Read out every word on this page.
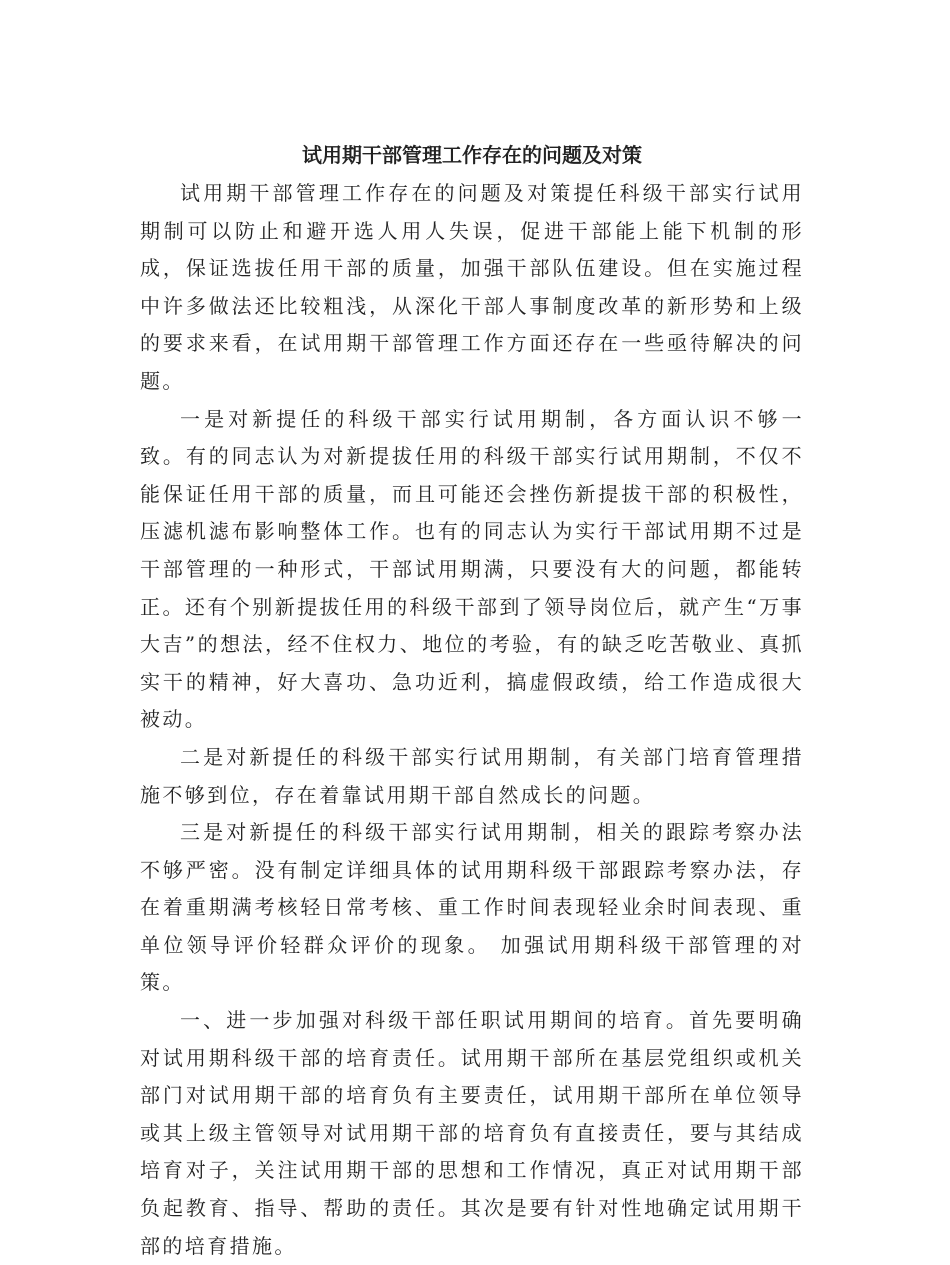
试用期干部管理工作存在的问题及对策

试用期干部管理工作存在的问题及对策提任科级干部实行试用期制可以防止和避开选人用人失误，促进干部能上能下机制的形成，保证选拔任用干部的质量，加强干部队伍建设。但在实施过程中许多做法还比较粗浅，从深化干部人事制度改革的新形势和上级的要求来看，在试用期干部管理工作方面还存在一些亟待解决的问题。

一是对新提任的科级干部实行试用期制，各方面认识不够一致。有的同志认为对新提拔任用的科级干部实行试用期制，不仅不能保证任用干部的质量，而且可能还会挫伤新提拔干部的积极性，压滤机滤布影响整体工作。也有的同志认为实行干部试用期不过是干部管理的一种形式，干部试用期满，只要没有大的问题，都能转正。还有个别新提拔任用的科级干部到了领导岗位后，就产生“万事大吉”的想法，经不住权力、地位的考验，有的缺乏吃苦敬业、真抓实干的精神，好大喜功、急功近利，搞虚假政绩，给工作造成很大被动。

二是对新提任的科级干部实行试用期制，有关部门培育管理措施不够到位，存在着靠试用期干部自然成长的问题。

三是对新提任的科级干部实行试用期制，相关的跟踪考察办法不够严密。没有制定详细具体的试用期科级干部跟踪考察办法，存在着重期满考核轻日常考核、重工作时间表现轻业余时间表现、重单位领导评价轻群众评价的现象。 加强试用期科级干部管理的对策。

一、进一步加强对科级干部任职试用期间的培育。首先要明确对试用期科级干部的培育责任。试用期干部所在基层党组织或机关部门对试用期干部的培育负有主要责任，试用期干部所在单位领导或其上级主管领导对试用期干部的培育负有直接责任，要与其结成培育对子，关注试用期干部的思想和工作情况，真正对试用期干部负起教育、指导、帮助的责任。其次是要有针对性地确定试用期干部的培育措施。
